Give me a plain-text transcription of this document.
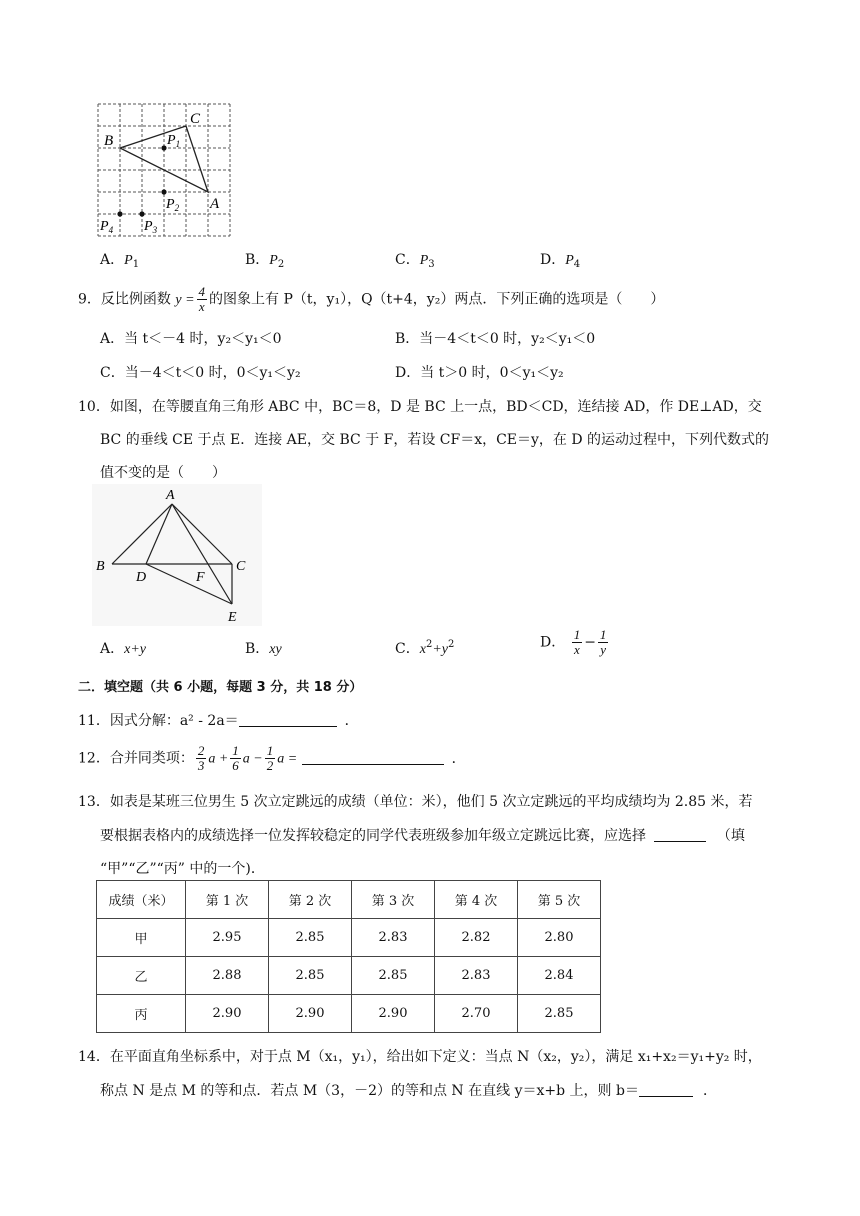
B
C
A
$P_1$
$P_2$
$P_3$
$P_4$
A．$P_1$	B．$P_2$	C．$P_3$	D．$P_4$
9．反比例函数 $y = \frac{4}{x}$ 的图象上有 P（t，y₁），Q（t+4，y₂）两点．下列正确的选项是（　　）
A．当 t＜－4 时，y₂＜y₁＜0	B．当－4＜t＜0 时，y₂＜y₁＜0
C．当－4＜t＜0 时，0＜y₁＜y₂	D．当 t＞0 时，0＜y₁＜y₂
10．如图，在等腰直角三角形 ABC 中，BC＝8，D 是 BC 上一点，BD＜CD，连结接 AD，作 DE⊥AD，交
BC 的垂线 CE 于点 E．连接 AE，交 BC 于 F，若设 CF＝x，CE＝y，在 D 的运动过程中，下列代数式的
值不变的是（　　）
A
B	C
D	F
E
A．x+y	B．xy	C．$x^2+y^2$	D． $\frac{1}{x} - \frac{1}{y}$
二．填空题（共 6 小题，每题 3 分，共 18 分）
11．因式分解：a² - 2a＝	．
12．合并同类项： $\frac{2}{3}$ $a + \frac{1}{6}$ $a - \frac{1}{2}$ a =	．
13．如表是某班三位男生 5 次立定跳远的成绩（单位：米），他们 5 次立定跳远的平均成绩均为 2.85 米，若
要根据表格内的成绩选择一位发挥较稳定的同学代表班级参加年级立定跳远比赛，应选择	（填
“甲”“乙”“丙” 中的一个)．
成绩（米）	第 1 次	第 2 次	第 3 次	第 4 次	第 5 次
甲	2.95	2.85	2.83	2.82	2.80
乙	2.88	2.85	2.85	2.83	2.84
丙	2.90	2.90	2.90	2.70	2.85
14．在平面直角坐标系中，对于点 M（x₁，y₁），给出如下定义：当点 N（x₂，y₂），满足 x₁+x₂＝y₁+y₂ 时，
称点 N 是点 M 的等和点．若点 M（3，－2）的等和点 N 在直线 y＝x+b 上，则 b＝	．
